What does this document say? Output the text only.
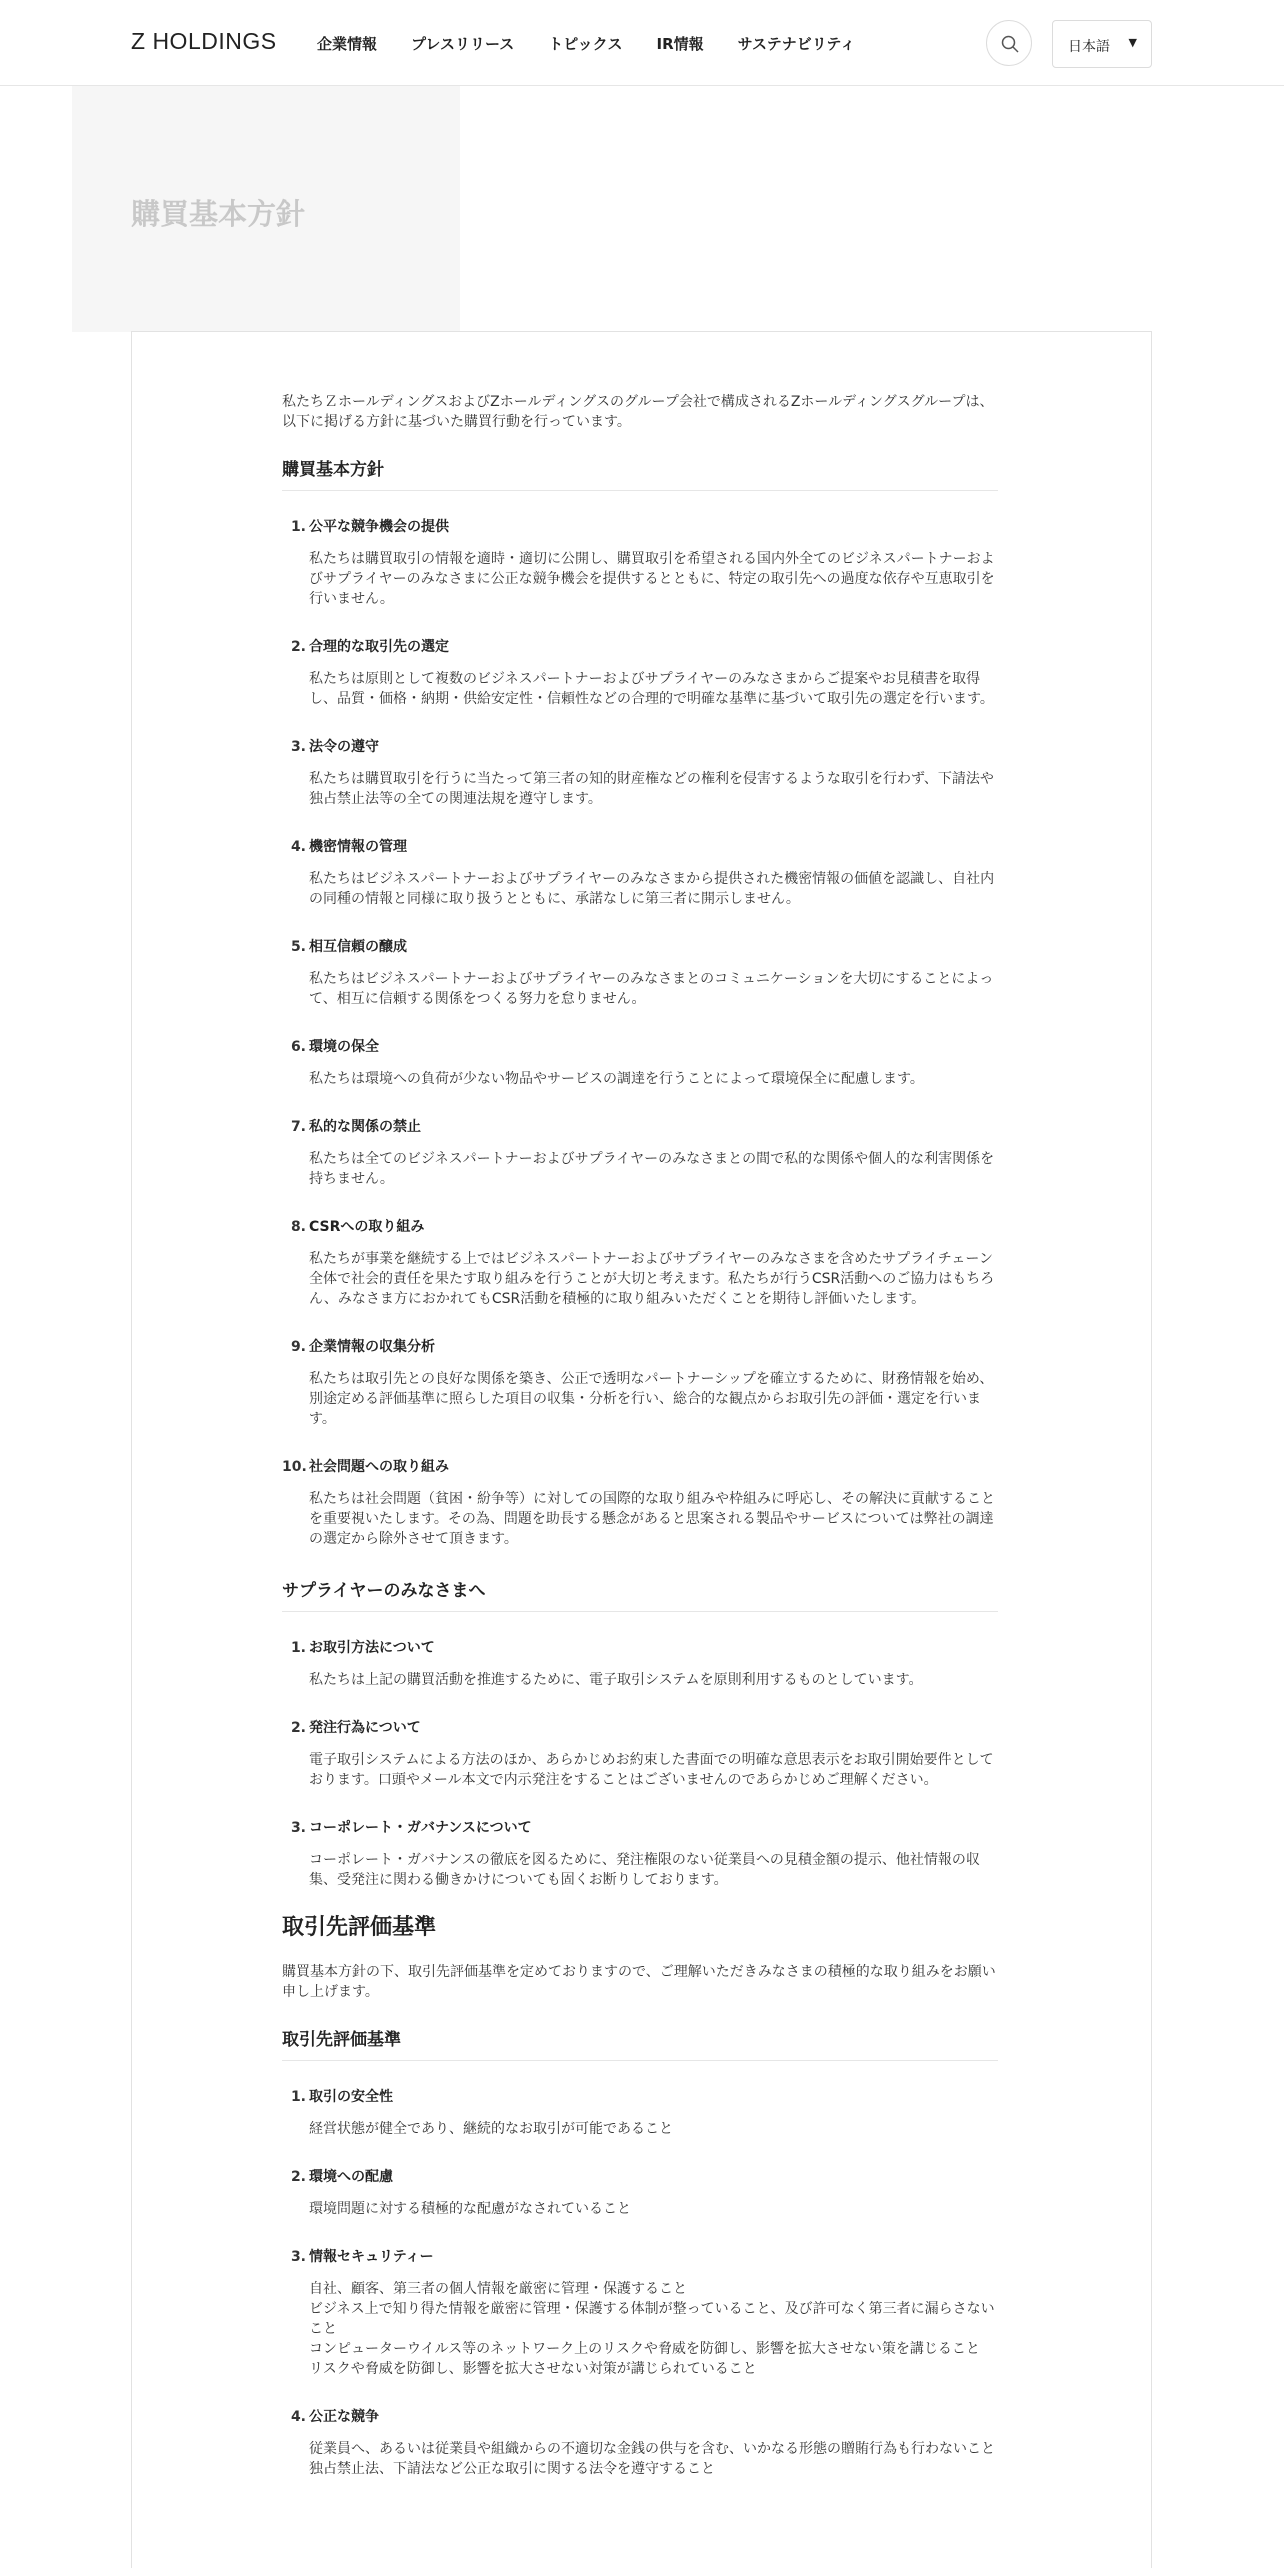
Z HOLDINGS	企業情報 プレスリリース トピックス IR情報 サステナビリティ	日本語 ▼
購買基本方針

私たちＺホールディングスおよびZホールディングスのグループ会社で構成されるZホールディングスグループは、以下に掲げる方針に基づいた購買行動を行っています。

購買基本方針
1. 公平な競争機会の提供
私たちは購買取引の情報を適時・適切に公開し、購買取引を希望される国内外全てのビジネスパートナーおよびサプライヤーのみなさまに公正な競争機会を提供するとともに、特定の取引先への過度な依存や互恵取引を行いません。
2. 合理的な取引先の選定
私たちは原則として複数のビジネスパートナーおよびサプライヤーのみなさまからご提案やお見積書を取得し、品質・価格・納期・供給安定性・信頼性などの合理的で明確な基準に基づいて取引先の選定を行います。
3. 法令の遵守
私たちは購買取引を行うに当たって第三者の知的財産権などの権利を侵害するような取引を行わず、下請法や独占禁止法等の全ての関連法規を遵守します。
4. 機密情報の管理
私たちはビジネスパートナーおよびサプライヤーのみなさまから提供された機密情報の価値を認識し、自社内の同種の情報と同様に取り扱うとともに、承諾なしに第三者に開示しません。
5. 相互信頼の醸成
私たちはビジネスパートナーおよびサプライヤーのみなさまとのコミュニケーションを大切にすることによって、相互に信頼する関係をつくる努力を怠りません。
6. 環境の保全
私たちは環境への負荷が少ない物品やサービスの調達を行うことによって環境保全に配慮します。
7. 私的な関係の禁止
私たちは全てのビジネスパートナーおよびサプライヤーのみなさまとの間で私的な関係や個人的な利害関係を持ちません。
8. CSRへの取り組み
私たちが事業を継続する上ではビジネスパートナーおよびサプライヤーのみなさまを含めたサプライチェーン全体で社会的責任を果たす取り組みを行うことが大切と考えます。私たちが行うCSR活動へのご協力はもちろん、みなさま方におかれてもCSR活動を積極的に取り組みいただくことを期待し評価いたします。
9. 企業情報の収集分析
私たちは取引先との良好な関係を築き、公正で透明なパートナーシップを確立するために、財務情報を始め、別途定める評価基準に照らした項目の収集・分析を行い、総合的な観点からお取引先の評価・選定を行います。
10. 社会問題への取り組み
私たちは社会問題（貧困・紛争等）に対しての国際的な取り組みや枠組みに呼応し、その解決に貢献することを重要視いたします。その為、問題を助長する懸念があると思案される製品やサービスについては弊社の調達の選定から除外させて頂きます。
サプライヤーのみなさまへ
1. お取引方法について
私たちは上記の購買活動を推進するために、電子取引システムを原則利用するものとしています。
2. 発注行為について
電子取引システムによる方法のほか、あらかじめお約束した書面での明確な意思表示をお取引開始要件としております。口頭やメール本文で内示発注をすることはございませんのであらかじめご理解ください。
3. コーポレート・ガバナンスについて
コーポレート・ガバナンスの徹底を図るために、発注権限のない従業員への見積金額の提示、他社情報の収集、受発注に関わる働きかけについても固くお断りしております。
取引先評価基準

購買基本方針の下、取引先評価基準を定めておりますので、ご理解いただきみなさまの積極的な取り組みをお願い申し上げます。

取引先評価基準
1. 取引の安全性
経営状態が健全であり、継続的なお取引が可能であること
2. 環境への配慮
環境問題に対する積極的な配慮がなされていること
3. 情報セキュリティー
自社、顧客、第三者の個人情報を厳密に管理・保護すること
ビジネス上で知り得た情報を厳密に管理・保護する体制が整っていること、及び許可なく第三者に漏らさないこと
コンピューターウイルス等のネットワーク上のリスクや脅威を防御し、影響を拡大させない策を講じること
リスクや脅威を防御し、影響を拡大させない対策が講じられていること
4. 公正な競争
従業員へ、あるいは従業員や組織からの不適切な金銭の供与を含む、いかなる形態の贈賄行為も行わないこと
独占禁止法、下請法など公正な取引に関する法令を遵守すること
